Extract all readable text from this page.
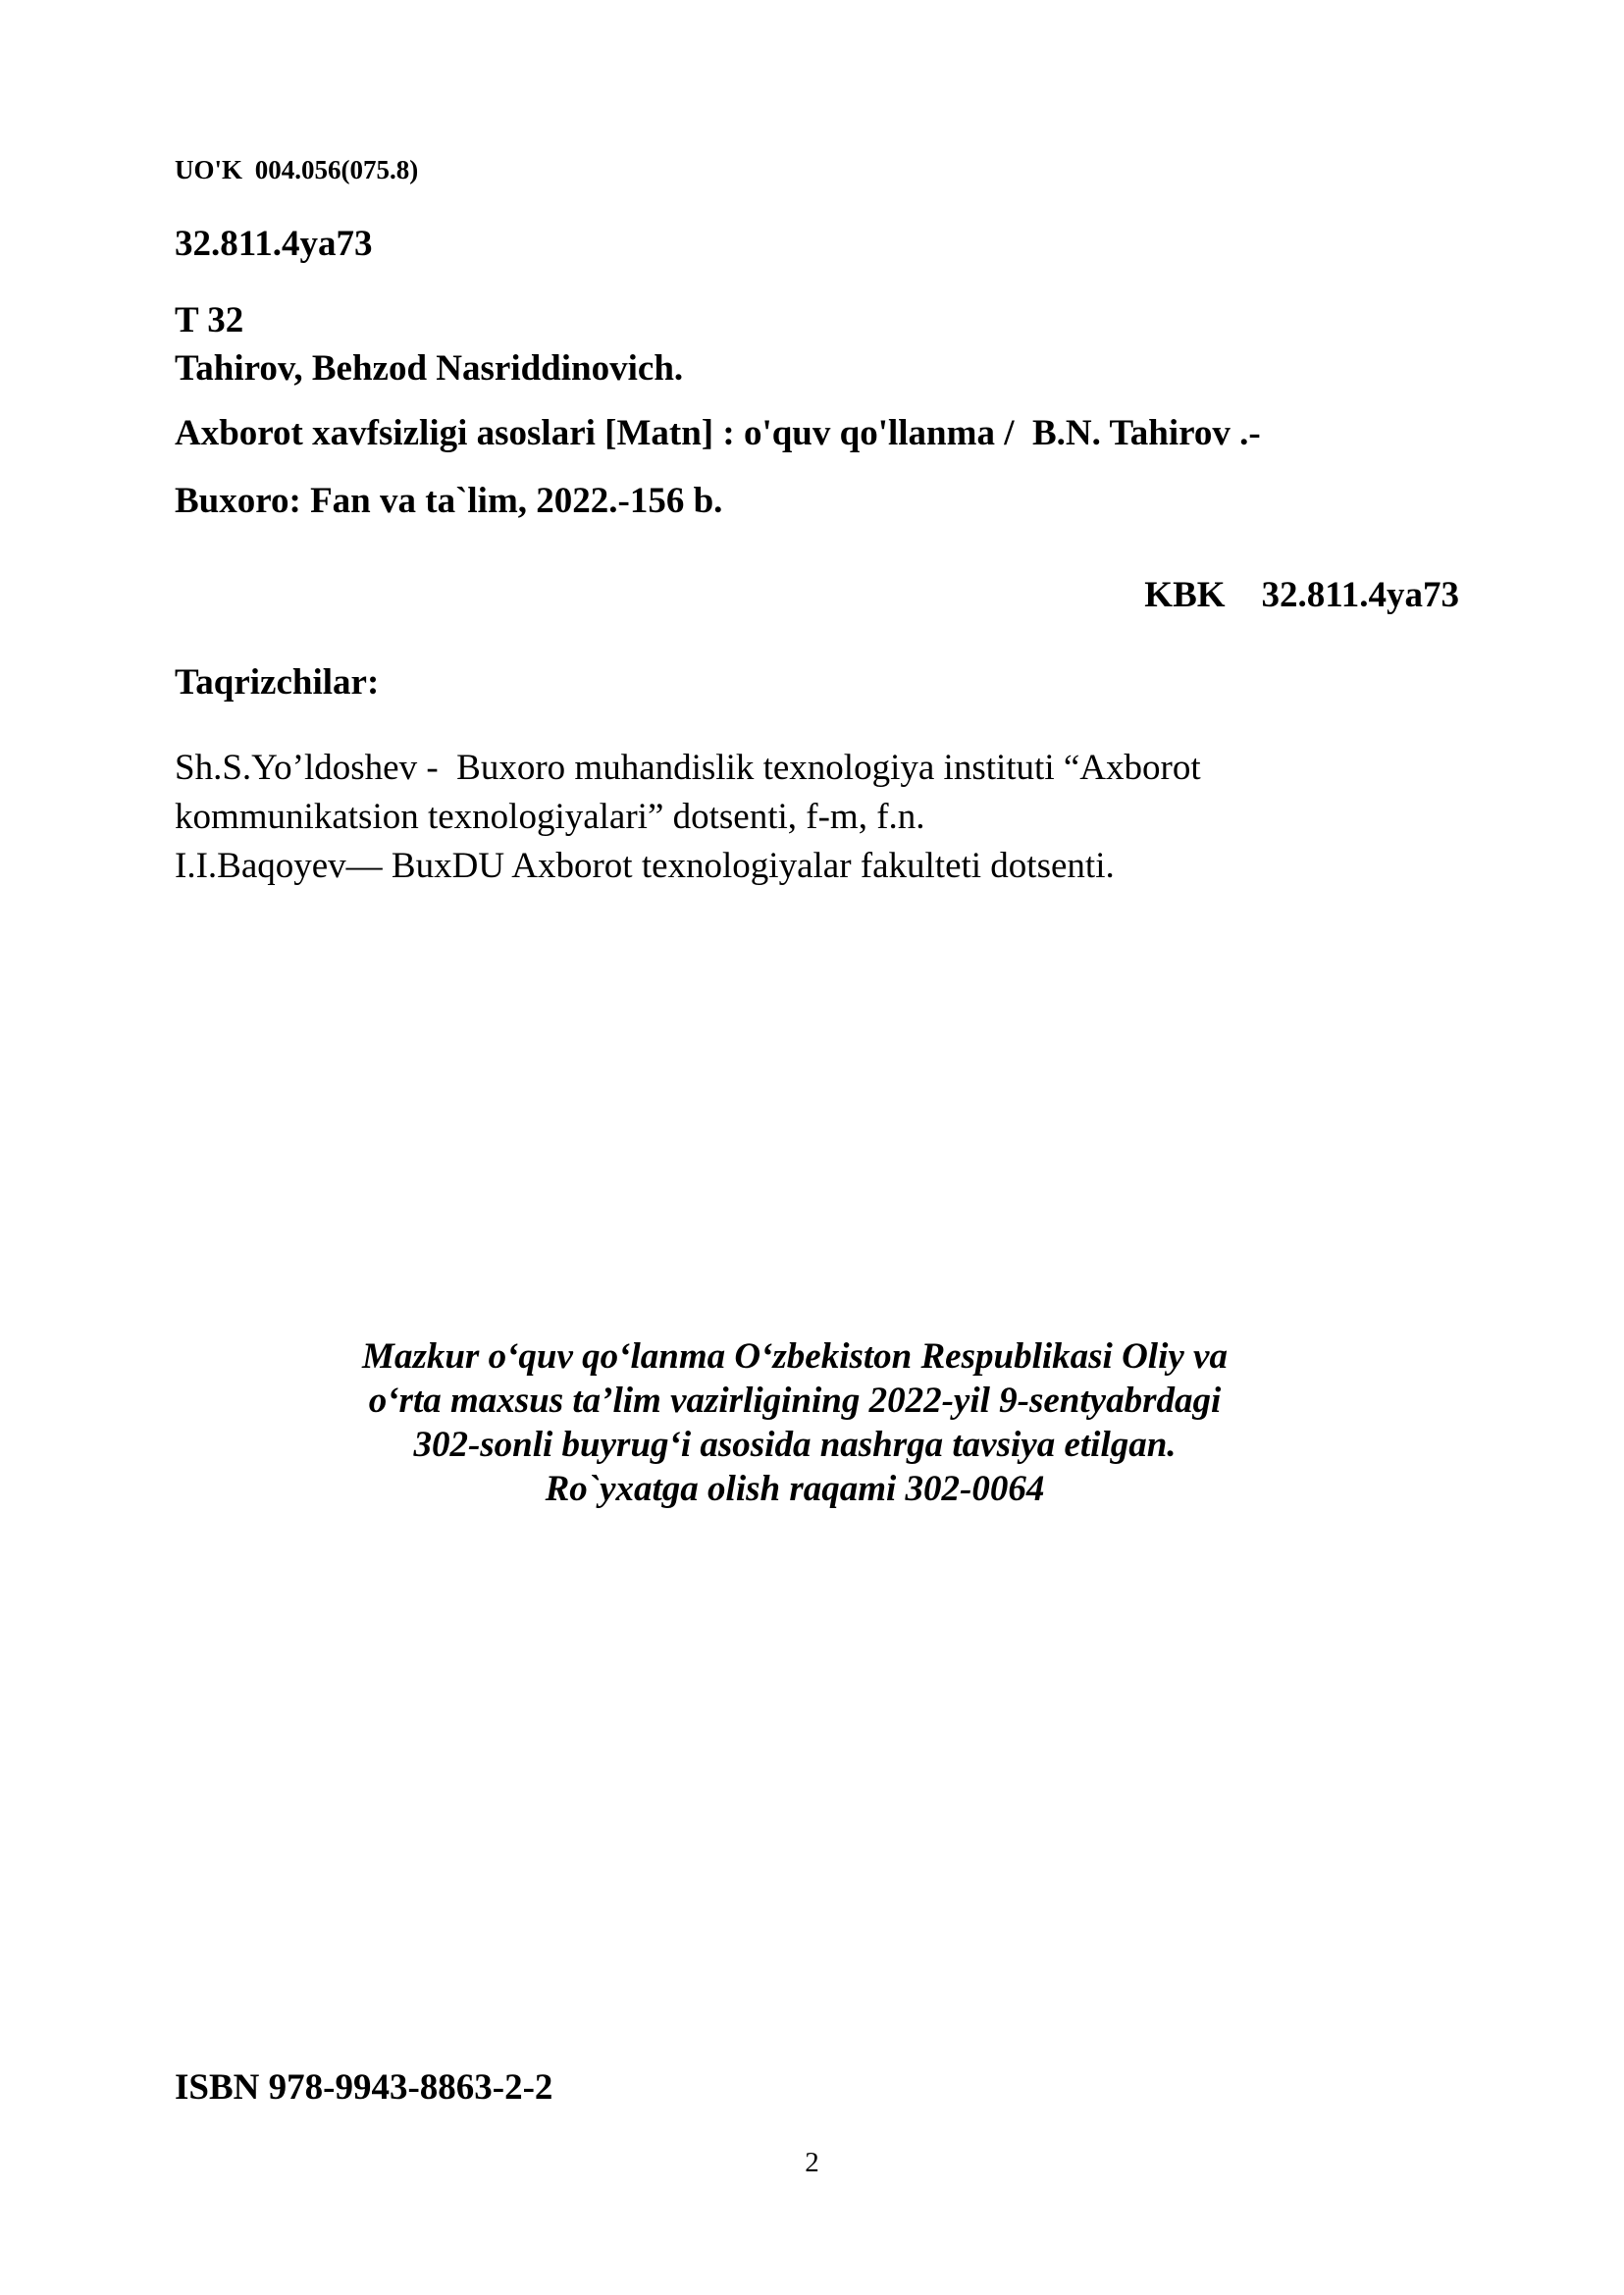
UO'K 004.056(075.8)
32.811.4ya73
T 32
Tahirov, Behzod Nasriddinovich.
Axborot xavfsizligi asoslari [Matn] : o'quv qo'llanma /  B.N. Tahirov .-
Buxoro: Fan va ta`lim, 2022.-156 b.
KBK    32.811.4ya73
Taqrizchilar:
Sh.S.Yo’ldoshev -  Buxoro muhandislik texnologiya instituti “Axborot
kommunikatsion texnologiyalari” dotsenti, f-m, f.n.
I.I.Baqoyev— BuxDU Axborot texnologiyalar fakulteti dotsenti.
Mazkur o‘quv qo‘lanma O‘zbekiston Respublikasi Oliy va
o‘rta maxsus ta’lim vazirligining 2022-yil 9-sentyabrdagi
302-sonli buyrug‘i asosida nashrga tavsiya etilgan.
Ro`yxatga olish raqami 302-0064
ISBN 978-9943-8863-2-2
2
